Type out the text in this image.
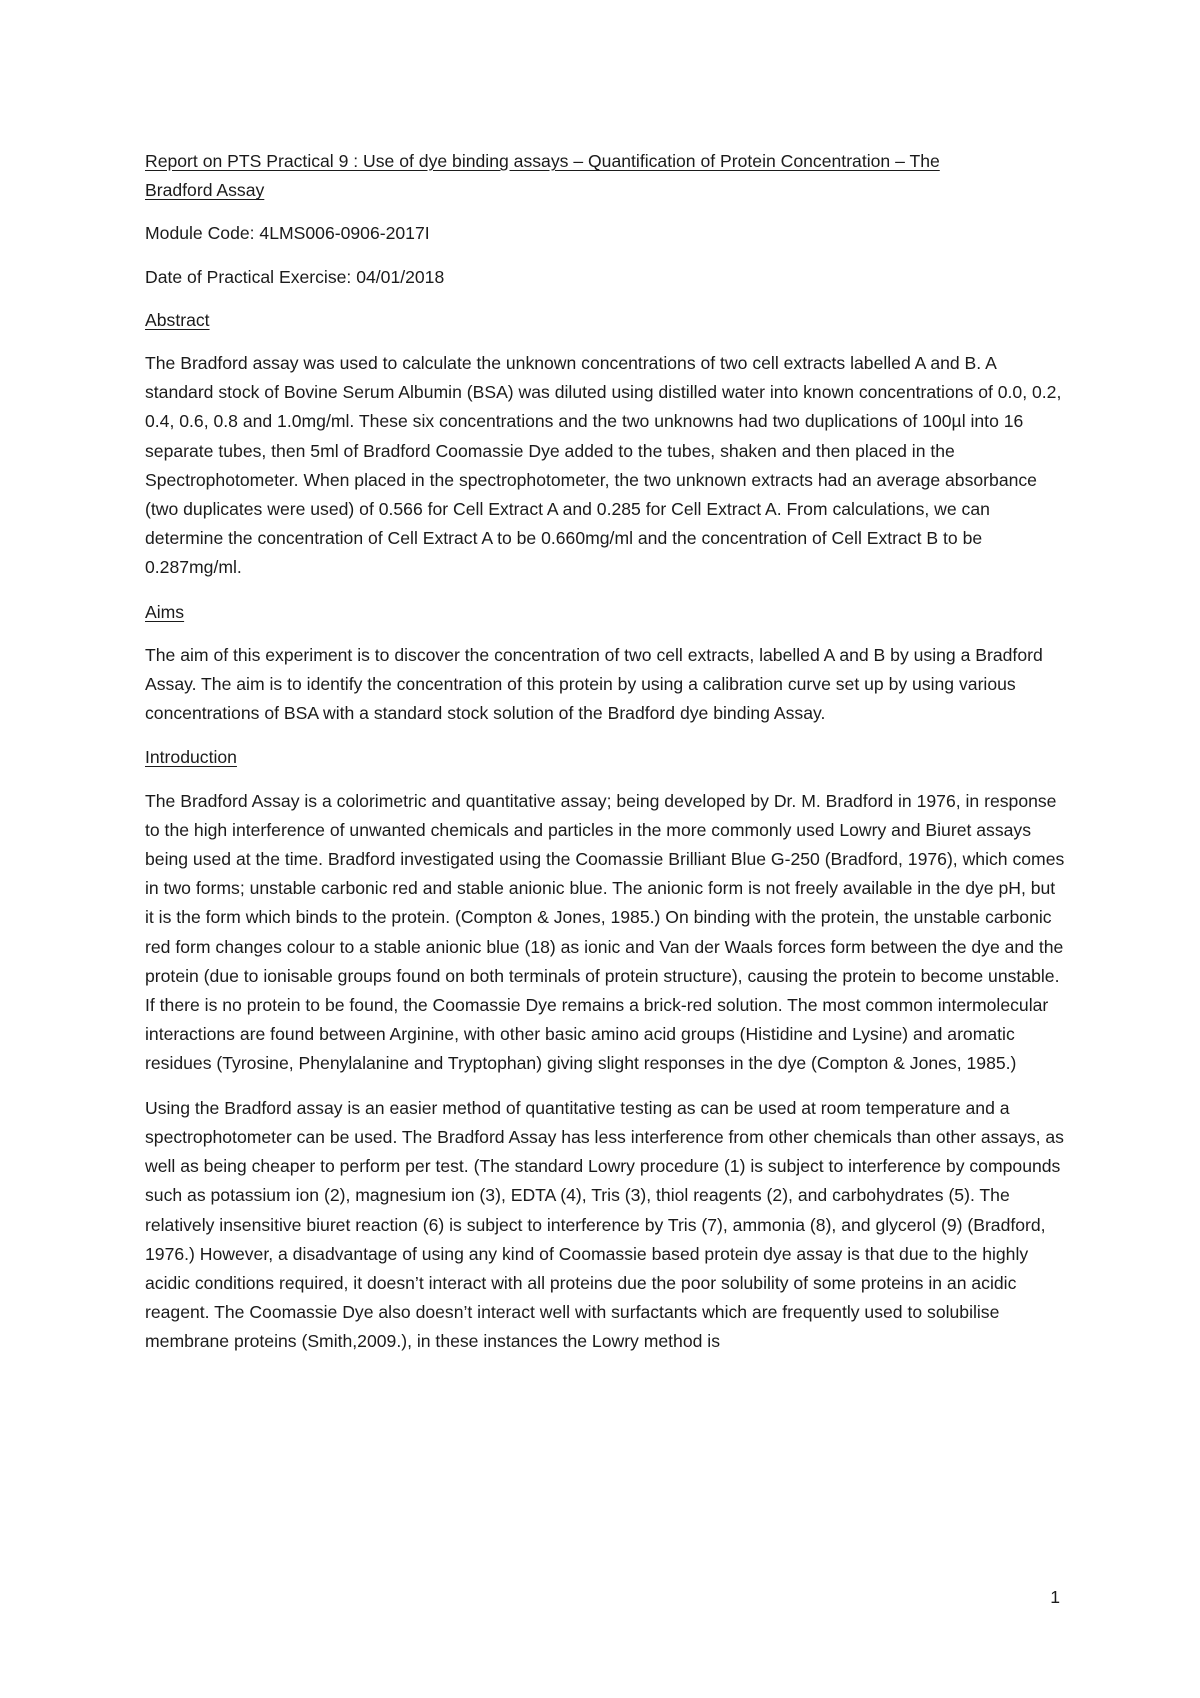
Report on PTS Practical 9 : Use of dye binding assays – Quantification of Protein Concentration – The
Bradford Assay

Module Code: 4LMS006-0906-2017I

Date of Practical Exercise: 04/01/2018

Abstract

The Bradford assay was used to calculate the unknown concentrations of two cell extracts labelled A and B. A standard stock of Bovine Serum Albumin (BSA) was diluted using distilled water into known concentrations of 0.0, 0.2, 0.4, 0.6, 0.8 and 1.0mg/ml. These six concentrations and the two unknowns had two duplications of 100µl into 16 separate tubes, then 5ml of Bradford Coomassie Dye added to the tubes, shaken and then placed in the Spectrophotometer. When placed in the spectrophotometer, the two unknown extracts had an average absorbance (two duplicates were used) of 0.566 for Cell Extract A and 0.285 for Cell Extract A. From calculations, we can determine the concentration of Cell Extract A to be 0.660mg/ml and the concentration of Cell Extract B to be 0.287mg/ml.

Aims

The aim of this experiment is to discover the concentration of two cell extracts, labelled A and B by using a Bradford Assay. The aim is to identify the concentration of this protein by using a calibration curve set up by using various concentrations of BSA with a standard stock solution of the Bradford dye binding Assay.

Introduction

The Bradford Assay is a colorimetric and quantitative assay; being developed by Dr. M. Bradford in 1976, in response to the high interference of unwanted chemicals and particles in the more commonly used Lowry and Biuret assays being used at the time. Bradford investigated using the Coomassie Brilliant Blue G-250 (Bradford, 1976), which comes in two forms; unstable carbonic red and stable anionic blue. The anionic form is not freely available in the dye pH, but it is the form which binds to the protein. (Compton & Jones, 1985.) On binding with the protein, the unstable carbonic red form changes colour to a stable anionic blue (18) as ionic and Van der Waals forces form between the dye and the protein (due to ionisable groups found on both terminals of protein structure), causing the protein to become unstable. If there is no protein to be found, the Coomassie Dye remains a brick-red solution. The most common intermolecular interactions are found between Arginine, with other basic amino acid groups (Histidine and Lysine) and aromatic residues (Tyrosine, Phenylalanine and Tryptophan) giving slight responses in the dye (Compton & Jones, 1985.)

Using the Bradford assay is an easier method of quantitative testing as can be used at room temperature and a spectrophotometer can be used. The Bradford Assay has less interference from other chemicals than other assays, as well as being cheaper to perform per test. (The standard Lowry procedure (1) is subject to interference by compounds such as potassium ion (2), magnesium ion (3), EDTA (4), Tris (3), thiol reagents (2), and carbohydrates (5). The relatively insensitive biuret reaction (6) is subject to interference by Tris (7), ammonia (8), and glycerol (9) (Bradford, 1976.) However, a disadvantage of using any kind of Coomassie based protein dye assay is that due to the highly acidic conditions required, it doesn’t interact with all proteins due the poor solubility of some proteins in an acidic reagent. The Coomassie Dye also doesn’t interact well with surfactants which are frequently used to solubilise membrane proteins (Smith,2009.), in these instances the Lowry method is

1
